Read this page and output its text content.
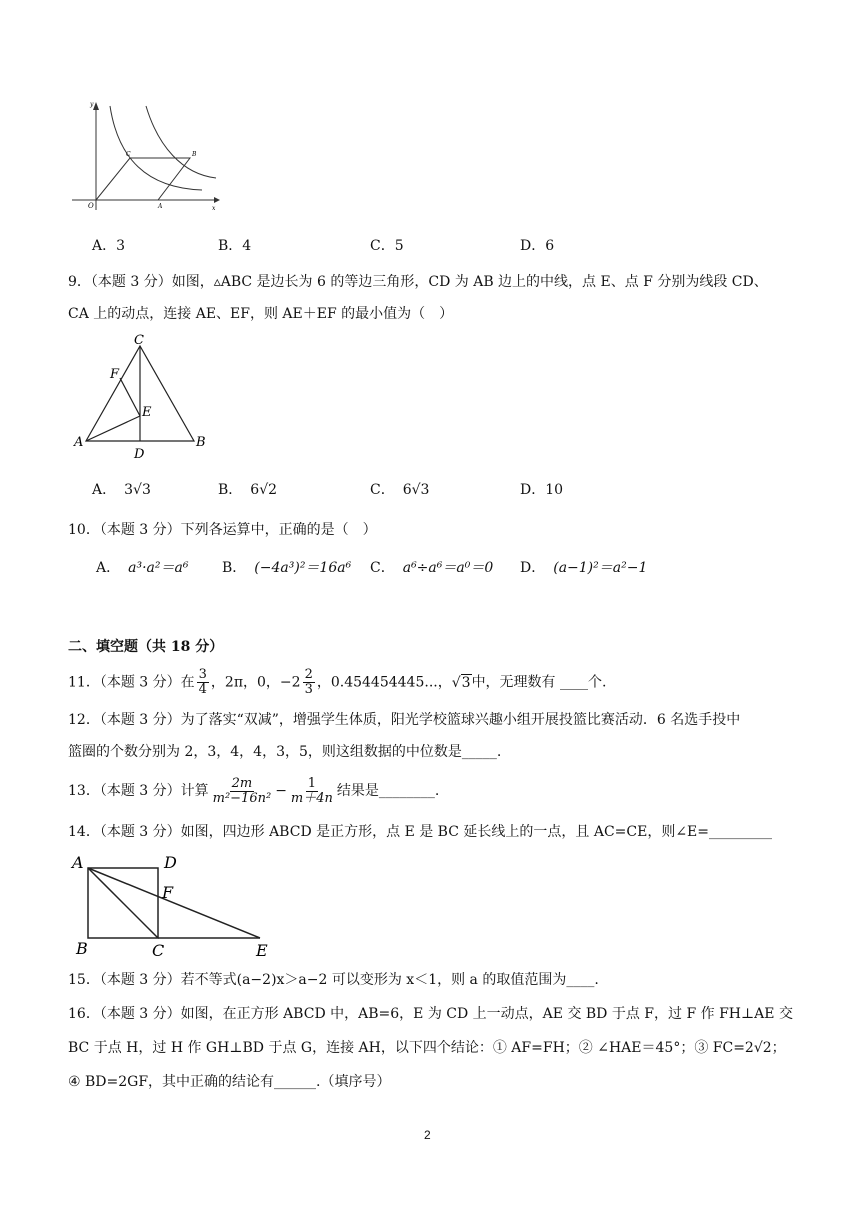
y
x
O	A
B
C
A．3	B．4	C．5	D．6
9．（本题 3 分）如图，▵ABC 是边长为 6 的等边三角形，CD 为 AB 边上的中线，点 E、点 F 分别为线段 CD、
CA 上的动点，连接 AE、EF，则 AE＋EF 的最小值为（　）
C
F
E
A	B
D
A． 3√3	B． 6√2	C． 6√3	D．10
10．（本题 3 分）下列各运算中，正确的是（　）
A． a³·a²＝a⁶ B． (−4a³)²＝16a⁶ C． a⁶÷a⁶＝a⁰＝0 D． (a−1)²＝a²−1
二、填空题（共 18 分）
11．（本题 3 分）在 $\frac{3}{4}$ ，2π，0，$-2 \frac{2}{3}$ ，0.454454445...，√3中，无理数有 ____个.
12．（本题 3 分）为了落实“双减”，增强学生体质，阳光学校篮球兴趣小组开展投篮比赛活动．6 名选手投中
篮圈的个数分别为 2，3，4，4，3，5，则这组数据的中位数是_____.
13．（本题 3 分）计算 $\frac{2m}{\text{m²−16n²}} - \frac{1}{m+4n}$ 结果是________.
14．（本题 3 分）如图，四边形 ABCD 是正方形，点 E 是 BC 延长线上的一点，且 AC=CE，则∠E=_________
A	D
F
B	C	E
15．（本题 3 分）若不等式(a−2)x＞a−2 可以变形为 x＜1，则 a 的取值范围为____.
16．（本题 3 分）如图，在正方形 ABCD 中，AB=6，E 为 CD 上一动点，AE 交 BD 于点 F，过 F 作 FH⊥AE 交
BC 于点 H，过 H 作 GH⊥BD 于点 G，连接 AH，以下四个结论：① AF=FH；② ∠HAE＝45°；③ FC=2√2；
④ BD=2GF，其中正确的结论有______.（填序号）
2
